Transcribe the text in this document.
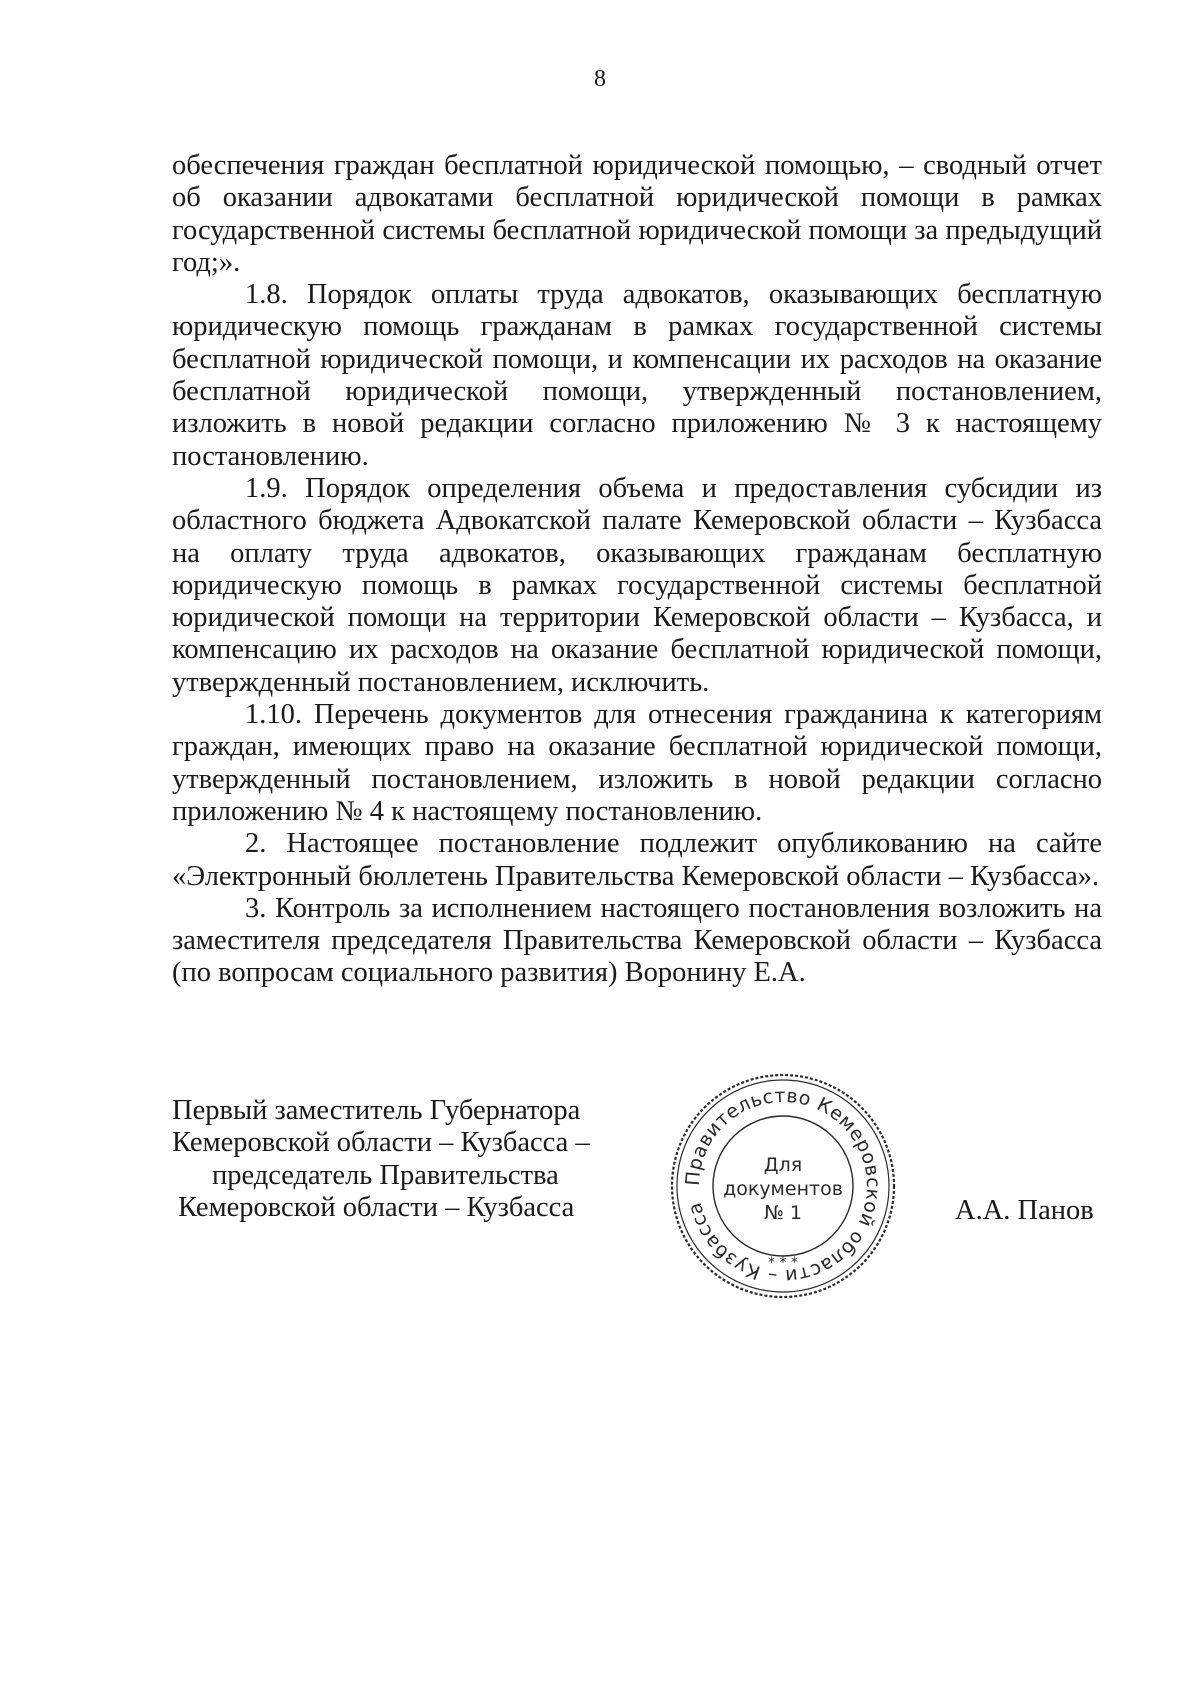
8

обеспечения граждан бесплатной юридической помощью, – сводный отчет об оказании адвокатами бесплатной юридической помощи в рамках государственной системы бесплатной юридической помощи за предыдущий год;».

1.8. Порядок оплаты труда адвокатов, оказывающих бесплатную юридическую помощь гражданам в рамках государственной системы бесплатной юридической помощи, и компенсации их расходов на оказание бесплатной юридической помощи, утвержденный постановлением, изложить в новой редакции согласно приложению № 3 к настоящему постановлению.

1.9. Порядок определения объема и предоставления субсидии из областного бюджета Адвокатской палате Кемеровской области – Кузбасса на оплату труда адвокатов, оказывающих гражданам бесплатную юридическую помощь в рамках государственной системы бесплатной юридической помощи на территории Кемеровской области – Кузбасса, и компенсацию их расходов на оказание бесплатной юридической помощи, утвержденный постановлением, исключить.

1.10. Перечень документов для отнесения гражданина к категориям граждан, имеющих право на оказание бесплатной юридической помощи, утвержденный постановлением, изложить в новой редакции согласно приложению № 4 к настоящему постановлению.

2. Настоящее постановление подлежит опубликованию на сайте «Электронный бюллетень Правительства Кемеровской области – Кузбасса».

3. Контроль за исполнением настоящего постановления возложить на заместителя председателя Правительства Кемеровской области – Кузбасса (по вопросам социального развития) Воронину Е.А.

Первый заместитель Губернатора
Кемеровской области – Кузбасса –
председатель Правительства
Кемеровской области – Кузбасса
Правительство Кемеровской области – Кузбасса
* * *
Для
документов
№ 1	А.А. Панов
